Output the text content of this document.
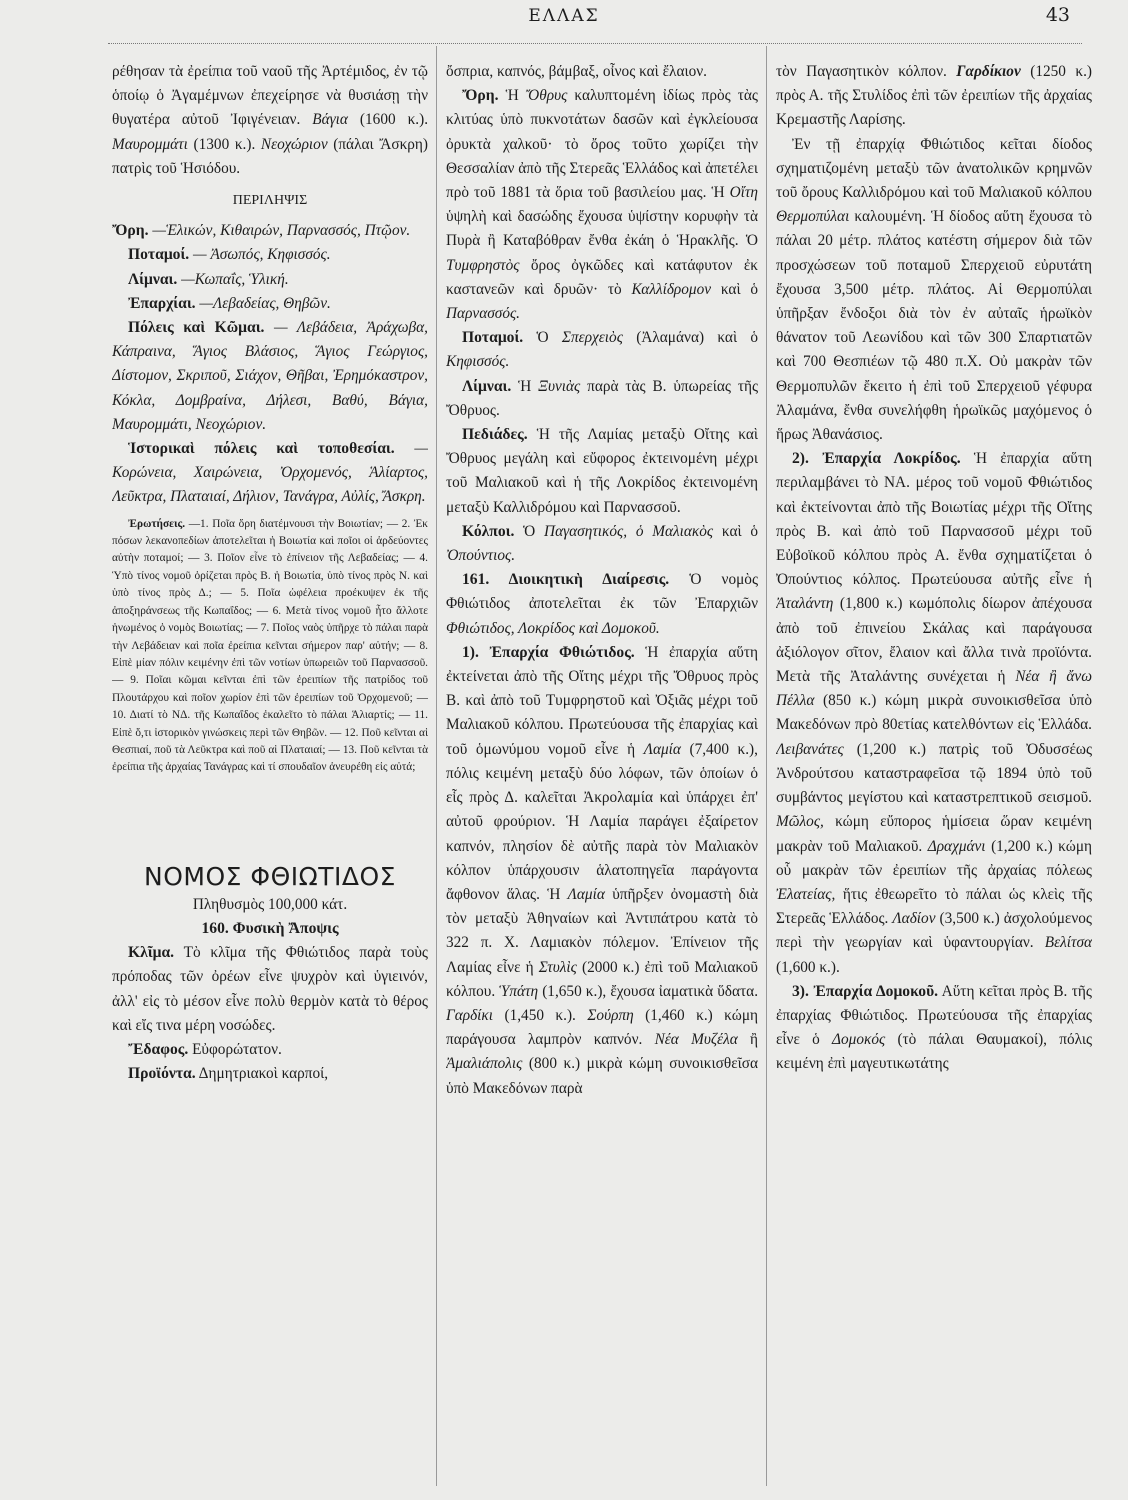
ΕΛΛΑΣ	43

ρέθησαν τὰ ἐρείπια τοῦ ναοῦ τῆς Ἀρτέμιδος, ἐν τῷ ὁποίῳ ὁ Ἀγαμέμνων ἐπεχείρησε νὰ θυσιάσῃ τὴν θυγατέρα αὐτοῦ Ἰφιγένειαν. Βάγια (1600 κ.). Μαυρομμάτι (1300 κ.). Νεοχώριον (πάλαι Ἄσκρη) πατρὶς τοῦ Ἡσιόδου.

ΠΕΡΙΛΗΨΙΣ

Ὄρη. —Ἑλικών, Κιθαιρών, Παρνασσός, Πτῷον.

Ποταμοί. — Ἀσωπός, Κηφισσός.

Λίμναι. —Κωπαΐς, Ὑλική.

Ἐπαρχίαι. —Λεβαδείας, Θηβῶν.

Πόλεις καὶ Κῶμαι. — Λεβάδεια, Ἀράχωβα, Κάπραινα, Ἅγιος Βλάσιος, Ἅγιος Γεώργιος, Δίστομον, Σκριποῦ, Σιάχον, Θῆβαι, Ἐρημόκαστρον, Κόκλα, Δομβραίνα, Δήλεσι, Βαθύ, Βάγια, Μαυρομμάτι, Νεοχώριον.

Ἱστορικαὶ πόλεις καὶ τοποθεσίαι. — Κορώνεια, Χαιρώνεια, Ὀρχομενός, Ἁλίαρτος, Λεῦκτρα, Πλαταιαί, Δήλιον, Τανάγρα, Αὐλίς, Ἄσκρη.

Ἐρωτήσεις. —1. Ποῖα ὄρη διατέμνουσι τὴν Βοιωτίαν; — 2. Ἐκ πόσων λεκανοπεδίων ἀποτελεῖται ἡ Βοιωτία καὶ ποῖοι οἱ ἀρδεύοντες αὐτὴν ποταμοί; — 3. Ποῖον εἶνε τὸ ἐπίνειον τῆς Λεβαδείας; — 4. Ὑπὸ τίνος νομοῦ ὁρίζεται πρὸς Β. ἡ Βοιωτία, ὑπὸ τίνος πρὸς Ν. καὶ ὑπὸ τίνος πρὸς Δ.; — 5. Ποῖα ὠφέλεια προέκυψεν ἐκ τῆς ἀποξηράνσεως τῆς Κωπαΐδος; — 6. Μετὰ τίνος νομοῦ ἦτο ἄλλοτε ἡνωμένος ὁ νομὸς Βοιωτίας; — 7. Ποῖος ναὸς ὑπῆρχε τὸ πάλαι παρὰ τὴν Λεβάδειαν καὶ ποῖα ἐρείπια κεῖνται σήμερον παρ' αὐτήν; — 8. Εἰπὲ μίαν πόλιν κειμένην ἐπὶ τῶν νοτίων ὑπωρειῶν τοῦ Παρνασσοῦ. — 9. Ποῖαι κῶμαι κεῖνται ἐπὶ τῶν ἐρειπίων τῆς πατρίδος τοῦ Πλουτάρχου καὶ ποῖον χωρίον ἐπὶ τῶν ἐρειπίων τοῦ Ὀρχομενοῦ; — 10. Διατί τὸ ΝΔ. τῆς Κωπαΐδος ἐκαλεῖτο τὸ πάλαι Ἁλιαρτίς; — 11. Εἰπὲ ὅ,τι ἱστορικὸν γινώσκεις περὶ τῶν Θηβῶν. — 12. Ποῦ κεῖνται αἱ Θεσπιαί, ποῦ τὰ Λεῦκτρα καὶ ποῦ αἱ Πλαταιαί; — 13. Ποῦ κεῖνται τὰ ἐρείπια τῆς ἀρχαίας Τανάγρας καὶ τί σπουδαῖον ἀνευρέθη εἰς αὐτά;

ΝΟΜΟΣ ΦΘΙΩΤΙΔΟΣ

Πληθυσμὸς 100,000 κάτ.

160. Φυσικὴ Ἄποψις

Κλῖμα. Τὸ κλῖμα τῆς Φθιώτιδος παρὰ τοὺς πρόποδας τῶν ὀρέων εἶνε ψυχρὸν καὶ ὑγιεινόν, ἀλλ' εἰς τὸ μέσον εἶνε πολὺ θερμὸν κατὰ τὸ θέρος καὶ εἴς τινα μέρη νοσώδες.

Ἔδαφος. Εὐφορώτατον.

Προϊόντα. Δημητριακοὶ καρποί,

ὄσπρια, καπνός, βάμβαξ, οἶνος καὶ ἔλαιον.

Ὄρη. Ἡ Ὄθρυς καλυπτομένη ἰδίως πρὸς τὰς κλιτύας ὑπὸ πυκνοτάτων δασῶν καὶ ἐγκλείουσα ὀρυκτὰ χαλκοῦ· τὸ ὄρος τοῦτο χωρίζει τὴν Θεσσαλίαν ἀπὸ τῆς Στερεᾶς Ἑλλάδος καὶ ἀπετέλει πρὸ τοῦ 1881 τὰ ὅρια τοῦ βασιλείου μας. Ἡ Οἴτη ὑψηλὴ καὶ δασώδης ἔχουσα ὑψίστην κορυφὴν τὰ Πυρὰ ἢ Καταβόθραν ἔνθα ἐκάη ὁ Ἡρακλῆς. Ὁ Τυμφρηστὸς ὄρος ὀγκῶδες καὶ κατάφυτον ἐκ καστανεῶν καὶ δρυῶν· τὸ Καλλίδρομον καὶ ὁ Παρνασσός.

Ποταμοί. Ὁ Σπερχειὸς (Ἀλαμάνα) καὶ ὁ Κηφισσός.

Λίμναι. Ἡ Ξυνιὰς παρὰ τὰς Β. ὑπωρείας τῆς Ὄθρυος.

Πεδιάδες. Ἡ τῆς Λαμίας μεταξὺ Οἴτης καὶ Ὄθρυος μεγάλη καὶ εὔφορος ἐκτεινομένη μέχρι τοῦ Μαλιακοῦ καὶ ἡ τῆς Λοκρίδος ἐκτεινομένη μεταξὺ Καλλιδρόμου καὶ Παρνασσοῦ.

Κόλποι. Ὁ Παγασητικός, ὁ Μαλιακὸς καὶ ὁ Ὀπούντιος.

161. Διοικητικὴ Διαίρεσις. Ὁ νομὸς Φθιώτιδος ἀποτελεῖται ἐκ τῶν Ἐπαρχιῶν Φθιώτιδος, Λοκρίδος καὶ Δομοκοῦ.

1). Ἐπαρχία Φθιώτιδος. Ἡ ἐπαρχία αὕτη ἐκτείνεται ἀπὸ τῆς Οἴτης μέχρι τῆς Ὄθρυος πρὸς Β. καὶ ἀπὸ τοῦ Τυμφρηστοῦ καὶ Ὀξιᾶς μέχρι τοῦ Μαλιακοῦ κόλπου. Πρωτεύουσα τῆς ἐπαρχίας καὶ τοῦ ὁμωνύμου νομοῦ εἶνε ἡ Λαμία (7,400 κ.), πόλις κειμένη μεταξὺ δύο λόφων, τῶν ὁποίων ὁ εἷς πρὸς Δ. καλεῖται Ἀκρολαμία καὶ ὑπάρχει ἐπ' αὐτοῦ φρούριον. Ἡ Λαμία παράγει ἐξαίρετον καπνόν, πλησίον δὲ αὐτῆς παρὰ τὸν Μαλιακὸν κόλπον ὑπάρχουσιν ἁλατοπηγεῖα παράγοντα ἄφθονον ἅλας. Ἡ Λαμία ὑπῆρξεν ὀνομαστὴ διὰ τὸν μεταξὺ Ἀθηναίων καὶ Ἀντιπάτρου κατὰ τὸ 322 π. Χ. Λαμιακὸν πόλεμον. Ἐπίνειον τῆς Λαμίας εἶνε ἡ Στυλὶς (2000 κ.) ἐπὶ τοῦ Μαλιακοῦ κόλπου. Ὑπάτη (1,650 κ.), ἔχουσα ἰαματικὰ ὕδατα. Γαρδίκι (1,450 κ.). Σούρπη (1,460 κ.) κώμη παράγουσα λαμπρὸν καπνόν. Νέα Μυζέλα ἢ Ἀμαλιάπολις (800 κ.) μικρὰ κώμη συνοικισθεῖσα ὑπὸ Μακεδόνων παρὰ

τὸν Παγασητικὸν κόλπον. Γαρδίκιον (1250 κ.) πρὸς Α. τῆς Στυλίδος ἐπὶ τῶν ἐρειπίων τῆς ἀρχαίας Κρεμαστῆς Λαρίσης.

Ἐν τῇ ἐπαρχίᾳ Φθιώτιδος κεῖται δίοδος σχηματιζομένη μεταξὺ τῶν ἀνατολικῶν κρημνῶν τοῦ ὄρους Καλλιδρόμου καὶ τοῦ Μαλιακοῦ κόλπου Θερμοπύλαι καλουμένη. Ἡ δίοδος αὕτη ἔχουσα τὸ πάλαι 20 μέτρ. πλάτος κατέστη σήμερον διὰ τῶν προσχώσεων τοῦ ποταμοῦ Σπερχειοῦ εὐρυτάτη ἔχουσα 3,500 μέτρ. πλάτος. Αἱ Θερμοπύλαι ὑπῆρξαν ἔνδοξοι διὰ τὸν ἐν αὐταῖς ἡρωϊκὸν θάνατον τοῦ Λεωνίδου καὶ τῶν 300 Σπαρτιατῶν καὶ 700 Θεσπιέων τῷ 480 π.Χ. Οὐ μακρὰν τῶν Θερμοπυλῶν ἔκειτο ἡ ἐπὶ τοῦ Σπερχειοῦ γέφυρα Ἀλαμάνα, ἔνθα συνελήφθη ἡρωϊκῶς μαχόμενος ὁ ἥρως Ἀθανάσιος.

2). Ἐπαρχία Λοκρίδος. Ἡ ἐπαρχία αὕτη περιλαμβάνει τὸ ΝΑ. μέρος τοῦ νομοῦ Φθιώτιδος καὶ ἐκτείνονται ἀπὸ τῆς Βοιωτίας μέχρι τῆς Οἴτης πρὸς Β. καὶ ἀπὸ τοῦ Παρνασσοῦ μέχρι τοῦ Εὐβοϊκοῦ κόλπου πρὸς Α. ἔνθα σχηματίζεται ὁ Ὀπούντιος κόλπος. Πρωτεύουσα αὐτῆς εἶνε ἡ Ἀταλάντη (1,800 κ.) κωμόπολις δίωρον ἀπέχουσα ἀπὸ τοῦ ἐπινείου Σκάλας καὶ παράγουσα ἀξιόλογον σῖτον, ἔλαιον καὶ ἄλλα τινὰ προϊόντα. Μετὰ τῆς Ἀταλάντης συνέχεται ἡ Νέα ἢ ἄνω Πέλλα (850 κ.) κώμη μικρὰ συνοικισθεῖσα ὑπὸ Μακεδόνων πρὸ 80ετίας κατελθόντων εἰς Ἑλλάδα. Λειβανάτες (1,200 κ.) πατρὶς τοῦ Ὀδυσσέως Ἀνδρούτσου καταστραφεῖσα τῷ 1894 ὑπὸ τοῦ συμβάντος μεγίστου καὶ καταστρεπτικοῦ σεισμοῦ. Μῶλος, κώμη εὔπορος ἡμίσεια ὥραν κειμένη μακρὰν τοῦ Μαλιακοῦ. Δραχμάνι (1,200 κ.) κώμη οὗ μακρὰν τῶν ἐρειπίων τῆς ἀρχαίας πόλεως Ἐλατείας, ἥτις ἐθεωρεῖτο τὸ πάλαι ὡς κλεὶς τῆς Στερεᾶς Ἑλλάδος. Λαδίον (3,500 κ.) ἀσχολούμενος περὶ τὴν γεωργίαν καὶ ὑφαντουργίαν. Βελίτσα (1,600 κ.).

3). Ἐπαρχία Δομοκοῦ. Αὕτη κεῖται πρὸς Β. τῆς ἐπαρχίας Φθιώτιδος. Πρωτεύουσα τῆς ἐπαρχίας εἶνε ὁ Δομοκός (τὸ πάλαι Θαυμακοί), πόλις κειμένη ἐπὶ μαγευτικωτάτης
